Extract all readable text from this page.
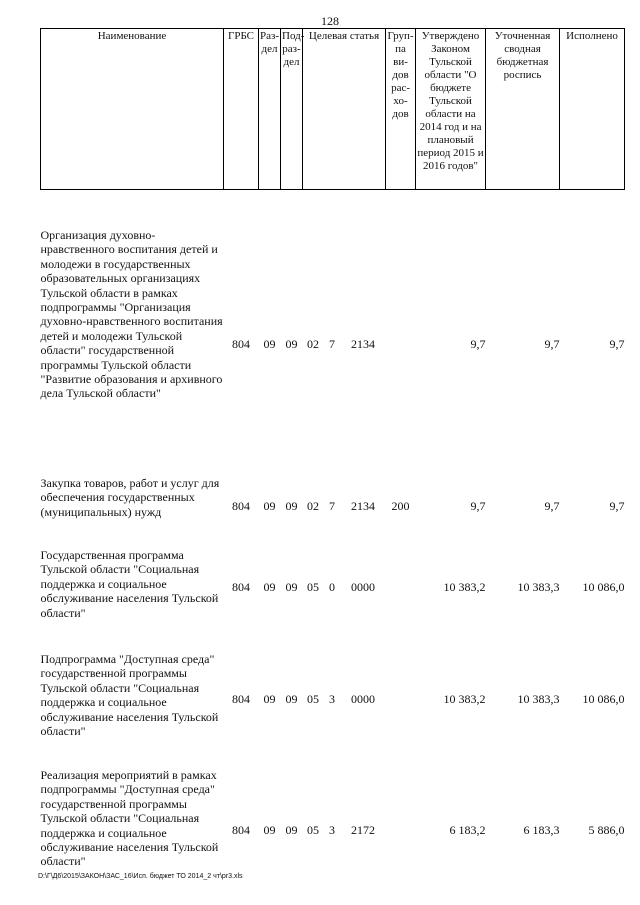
128
Наименование	ГРБС	Раз- дел	Под- раз- дел	Целевая статья			Груп- па ви- дов рас- хо- дов	Утверждено Законом Тульской области "О бюджете Тульской области на 2014 год и на плановый период 2015 и 2016 годов"	Уточненная сводная бюджетная роспись	Исполнено

Организация духовно-нравственного воспитания детей и молодежи в государственных образовательных организациях Тульской области в рамках подпрограммы "Организация духовно-нравственного воспитания детей и молодежи Тульской области" государственной программы Тульской области "Развитие образования и архивного дела Тульской области"	804	09	09	02	7	2134		9,7	9,7	9,7

Закупка товаров, работ и услуг для обеспечения государственных (муниципальных) нужд	804	09	09	02	7	2134	200	9,7	9,7	9,7

Государственная программа Тульской области "Социальная поддержка и социальное обслуживание населения Тульской области"	804	09	09	05	0	0000		10 383,2	10 383,3	10 086,0

Подпрограмма "Доступная среда" государственной программы Тульской области "Социальная поддержка и социальное обслуживание населения Тульской области"	804	09	09	05	3	0000		10 383,2	10 383,3	10 086,0

Реализация мероприятий в рамках подпрограммы "Доступная среда" государственной программы Тульской области "Социальная поддержка и социальное обслуживание населения Тульской области"	804	09	09	05	3	2172		6 183,2	6 183,3	5 886,0
D:\Г\Д6\2015\ЗАКОН\ЗАС_16\Исп. бюджет ТО 2014_2 чт\pr3.xls
